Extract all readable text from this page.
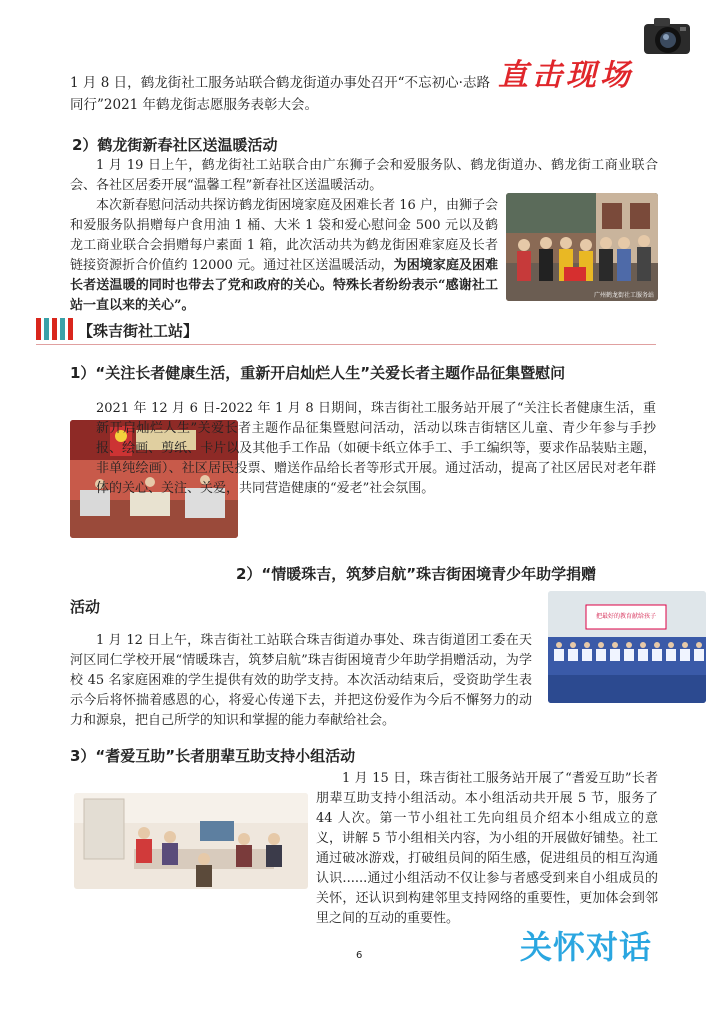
直击现场
1 月 8 日，鹤龙街社工服务站联合鹤龙街道办事处召开“不忘初心·志路同行”2021 年鹤龙街志愿服务表彰大会。
2）鹤龙街新春社区送温暖活动
1 月 19 日上午，鹤龙街社工站联合由广东狮子会和爱服务队、鹤龙街道办、鹤龙街工商业联合会、各社区居委开展“温馨工程”新春社区送温暖活动。
本次新春慰问活动共探访鹤龙街困境家庭及困难长者 16 户，由狮子会和爱服务队捐赠每户食用油 1 桶、大米 1 袋和爱心慰问金 500 元以及鹤龙工商业联合会捐赠每户素面 1 箱，此次活动共为鹤龙街困难家庭及长者链接资源折合价值约 12000 元。通过社区送温暖活动，为困境家庭及困难长者送温暖的同时也带去了党和政府的关心。特殊长者纷纷表示“感谢社工站一直以来的关心”。
广州鹤龙街社工服务站
【珠吉街社工站】
1）“关注长者健康生活，重新开启灿烂人生”关爱长者主题作品征集暨慰问
2021 年 12 月 6 日-2022 年 1 月 8 日期间，珠吉街社工服务站开展了“关注长者健康生活，重新开启灿烂人生”关爱长者主题作品征集暨慰问活动，活动以珠吉街辖区儿童、青少年参与手抄报、绘画、剪纸、卡片以及其他手工作品（如硬卡纸立体手工、手工编织等，要求作品装贴主题，非单纯绘画）、社区居民投票、赠送作品给长者等形式开展。通过活动，提高了社区居民对老年群体的关心、关注、关爱，共同营造健康的“爱老”社会氛围。
2）“情暖珠吉，筑梦启航”珠吉街困境青少年助学捐赠
活动
把最好的教育献给孩子
1 月 12 日上午，珠吉街社工站联合珠吉街道办事处、珠吉街道团工委在天河区同仁学校开展“情暖珠吉，筑梦启航”珠吉街困境青少年助学捐赠活动，为学校 45 名家庭困难的学生提供有效的助学支持。本次活动结束后，受资助学生表示今后将怀揣着感恩的心，将爱心传递下去，并把这份爱作为今后不懈努力的动力和源泉，把自己所学的知识和掌握的能力奉献给社会。
3）“耆爱互助”长者朋辈互助支持小组活动
1 月 15 日，珠吉街社工服务站开展了“耆爱互助”长者朋辈互助支持小组活动。本小组活动共开展 5 节，服务了 44 人次。第一节小组社工先向组员介绍本小组成立的意义，讲解 5 节小组相关内容，为小组的开展做好铺垫。社工通过破冰游戏，打破组员间的陌生感，促进组员的相互沟通认识......通过小组活动不仅让参与者感受到来自小组成员的关怀，还认识到构建邻里支持网络的重要性，更加体会到邻里之间的互动的重要性。
6	关怀对话
